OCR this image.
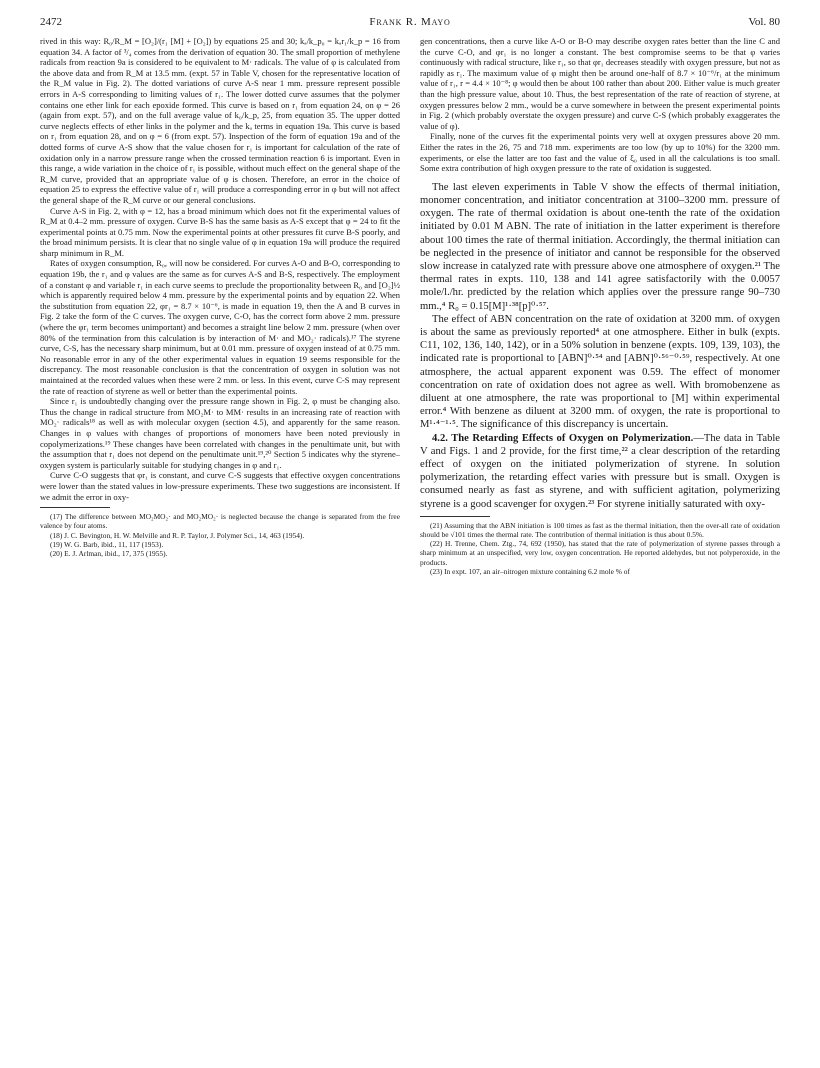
2472	Frank R. Mayo	Vol. 80

rived in this way: R₀/R_M = [O₂]/(r₁ [M] + [O₂]) by equations 25 and 30; kₐ/k_p₀ = kₐr₁/k_p = 16 from equation 34. A factor of ³/₄ comes from the derivation of equation 30. The small proportion of methylene radicals from reaction 9a is considered to be equivalent to M· radicals. The value of φ is calculated from the above data and from R_M at 13.5 mm. (expt. 57 in Table V, chosen for the representative location of the R_M value in Fig. 2). The dotted variations of curve A-S near 1 mm. pressure represent possible errors in A-S corresponding to limiting values of r₁. The lower dotted curve assumes that the polymer contains one ether link for each epoxide formed. This curve is based on r₁ from equation 24, on φ = 26 (again from expt. 57), and on the full average value of k₀/k_p, 25, from equation 35. The upper dotted curve neglects effects of ether links in the polymer and the kₐ terms in equation 19a. This curve is based on r₁ from equation 28, and on φ = 6 (from expt. 57). Inspection of the form of equation 19a and of the dotted forms of curve A-S show that the value chosen for r₁ is important for calculation of the rate of oxidation only in a narrow pressure range when the crossed termination reaction 6 is important. Even in this range, a wide variation in the choice of r₁ is possible, without much effect on the general shape of the R_M curve, provided that an appropriate value of φ is chosen. Therefore, an error in the choice of equation 25 to express the effective value of r₁ will produce a corresponding error in φ but will not affect the general shape of the R_M curve or our general conclusions.

Curve A-S in Fig. 2, with φ = 12, has a broad minimum which does not fit the experimental values of R_M at 0.4–2 mm. pressure of oxygen. Curve B-S has the same basis as A-S except that φ = 24 to fit the experimental points at 0.75 mm. Now the experimental points at other pressures fit curve B-S poorly, and the broad minimum persists. It is clear that no single value of φ in equation 19a will produce the required sharp minimum in R_M.

Rates of oxygen consumption, R₀, will now be considered. For curves A-O and B-O, corresponding to equation 19b, the r₁ and φ values are the same as for curves A-S and B-S, respectively. The employment of a constant φ and variable r₁ in each curve seems to preclude the proportionality between R₀ and [O₂]½ which is apparently required below 4 mm. pressure by the experimental points and by equation 22. When the substitution from equation 22, φr₁ = 8.7 × 10⁻⁶, is made in equation 19, then the A and B curves in Fig. 2 take the form of the C curves. The oxygen curve, C-O, has the correct form above 2 mm. pressure (where the φr₁ term becomes unimportant) and becomes a straight line below 2 mm. pressure (when over 80% of the termination from this calculation is by interaction of M· and MO₂· radicals).¹⁷ The styrene curve, C-S, has the necessary sharp minimum, but at 0.01 mm. pressure of oxygen instead of at 0.75 mm. No reasonable error in any of the other experimental values in equation 19 seems responsible for the discrepancy. The most reasonable conclusion is that the concentration of oxygen in solution was not maintained at the recorded values when these were 2 mm. or less. In this event, curve C-S may represent the rate of reaction of styrene as well or better than the experimental points.

Since r₁ is undoubtedly changing over the pressure range shown in Fig. 2, φ must be changing also. Thus the change in radical structure from MO₂M· to MM· results in an increasing rate of reaction with MO₂· radicals¹⁸ as well as with molecular oxygen (section 4.5), and apparently for the same reason. Changes in φ values with changes of proportions of monomers have been noted previously in copolymerizations.¹⁹ These changes have been correlated with changes in the penultimate unit, but with the assumption that r₁ does not depend on the penultimate unit.¹⁹,²⁰ Section 5 indicates why the styrene–oxygen system is particularly suitable for studying changes in φ and r₁.

Curve C-O suggests that φr₁ is constant, and curve C-S suggests that effective oxygen concentrations were lower than the stated values in low-pressure experiments. These two suggestions are inconsistent. If we admit the error in oxy-

(17) The difference between MO₂MO₂· and MO₂MO₂· is neglected because the change is separated from the free valence by four atoms.

(18) J. C. Bevington, H. W. Melville and R. P. Taylor, J. Polymer Sci., 14, 463 (1954).

(19) W. G. Barb, ibid., 11, 117 (1953).

(20) E. J. Arlman, ibid., 17, 375 (1955).

gen concentrations, then a curve like A-O or B-O may describe oxygen rates better than the line C and the curve C-O, and φr₁ is no longer a constant. The best compromise seems to be that φ varies continuously with radical structure, like r₁, so that φr₁ decreases steadily with oxygen pressure, but not as rapidly as r₁. The maximum value of φ might then be around one-half of 8.7 × 10⁻⁶/r₁ at the minimum value of r₁, r = 4.4 × 10⁻⁸; φ would then be about 100 rather than about 200. Either value is much greater than the high pressure value, about 10. Thus, the best representation of the rate of reaction of styrene, at oxygen pressures below 2 mm., would be a curve somewhere in between the present experimental points in Fig. 2 (which probably overstate the oxygen pressure) and curve C-S (which probably exaggerates the value of φ).

Finally, none of the curves fit the experimental points very well at oxygen pressures above 20 mm. Either the rates in the 26, 75 and 718 mm. experiments are too low (by up to 10%) for the 3200 mm. experiments, or else the latter are too fast and the value of ξ₀ used in all the calculations is too small. Some extra contribution of high oxygen pressure to the rate of oxidation is suggested.

The last eleven experiments in Table V show the effects of thermal initiation, monomer concentration, and initiator concentration at 3100–3200 mm. pressure of oxygen. The rate of thermal oxidation is about one-tenth the rate of the oxidation initiated by 0.01 M ABN. The rate of initiation in the latter experiment is therefore about 100 times the rate of thermal initiation. Accordingly, the thermal initiation can be neglected in the presence of initiator and cannot be responsible for the observed slow increase in catalyzed rate with pressure above one atmosphere of oxygen.²¹ The thermal rates in expts. 110, 138 and 141 agree satisfactorily with the 0.0057 mole/l./hr. predicted by the relation which applies over the pressure range 90–730 mm.,⁴ R₀ = 0.15[M]¹·³⁸[p]⁰·⁵⁷.

The effect of ABN concentration on the rate of oxidation at 3200 mm. of oxygen is about the same as previously reported⁴ at one atmosphere. Either in bulk (expts. C11, 102, 136, 140, 142), or in a 50% solution in benzene (expts. 109, 139, 103), the indicated rate is proportional to [ABN]⁰·⁵⁴ and [ABN]⁰·⁵⁶⁻⁰·⁵⁹, respectively. At one atmosphere, the actual apparent exponent was 0.59. The effect of monomer concentration on rate of oxidation does not agree as well. With bromobenzene as diluent at one atmosphere, the rate was proportional to [M] within experimental error.⁴ With benzene as diluent at 3200 mm. of oxygen, the rate is proportional to M¹·⁴⁻¹·⁵. The significance of this discrepancy is uncertain.

4.2. The Retarding Effects of Oxygen on Polymerization.—The data in Table V and Figs. 1 and 2 provide, for the first time,²² a clear description of the retarding effect of oxygen on the initiated polymerization of styrene. In solution polymerization, the retarding effect varies with pressure but is small. Oxygen is consumed nearly as fast as styrene, and with sufficient agitation, polymerizing styrene is a good scavenger for oxygen.²³ For styrene initially saturated with oxy-

(21) Assuming that the ABN initiation is 100 times as fast as the thermal initiation, then the over-all rate of oxidation should be √101 times the thermal rate. The contribution of thermal initiation is thus about 0.5%.

(22) H. Trenne, Chem. Ztg., 74, 692 (1950), has stated that the rate of polymerization of styrene passes through a sharp minimum at an unspecified, very low, oxygen concentration. He reported aldehydes, but not polyperoxide, in the products.

(23) In expt. 107, an air–nitrogen mixture containing 6.2 mole % of
